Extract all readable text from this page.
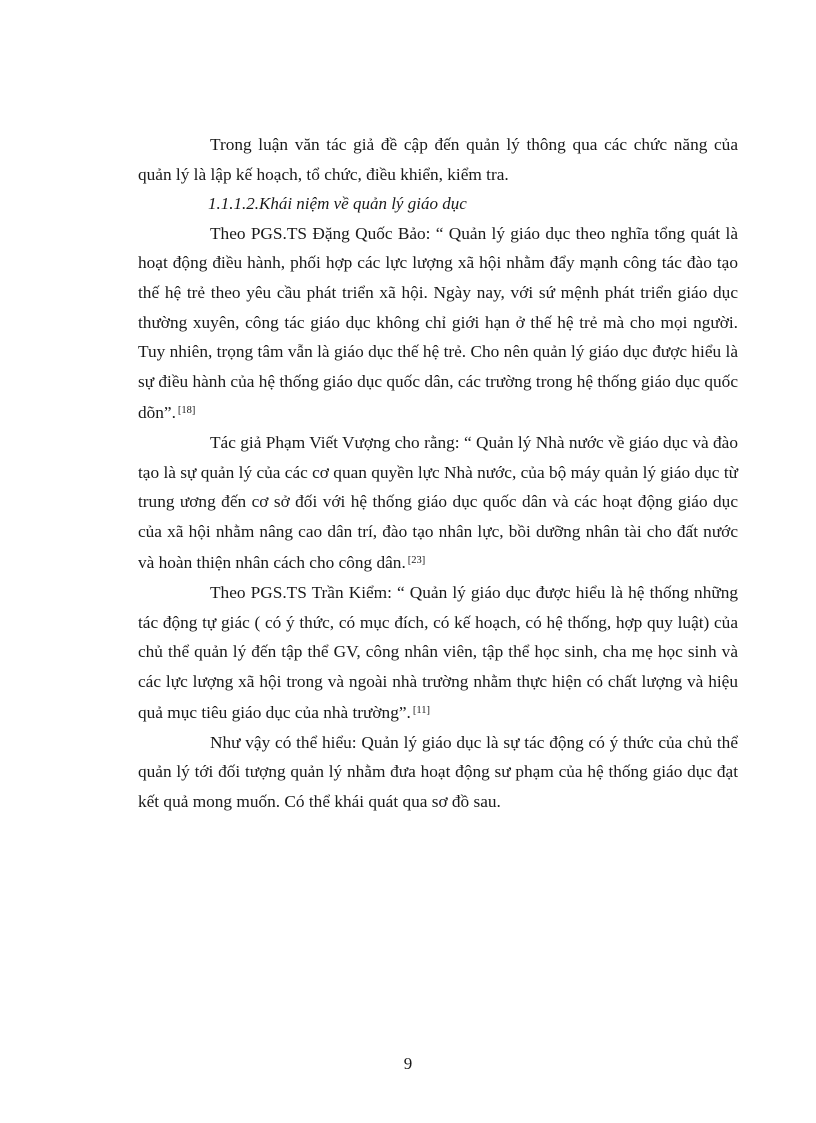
Trong luận văn tác giả đề cập đến quản lý thông qua các chức năng của quản lý là lập kế hoạch, tổ chức, điều khiển, kiểm tra.

1.1.1.2.Khái niệm về quản lý giáo dục

Theo PGS.TS Đặng Quốc Bảo: “ Quản lý giáo dục theo nghĩa tổng quát là hoạt động điều hành, phối hợp các lực lượng xã hội nhằm đẩy mạnh công tác đào tạo thế hệ trẻ theo yêu cầu phát triển xã hội. Ngày nay, với sứ mệnh phát triển giáo dục thường xuyên, công tác giáo dục không chỉ giới hạn ở thế hệ trẻ mà cho mọi người. Tuy nhiên, trọng tâm vẫn là giáo dục thế hệ trẻ. Cho nên quản lý giáo dục được hiểu là sự điều hành của hệ thống giáo dục quốc dân, các trường trong hệ thống giáo dục quốc dõn”. [18]

Tác giả Phạm Viết Vượng cho rằng: “ Quản lý Nhà nước về giáo dục và đào tạo là sự quản lý của các cơ quan quyền lực Nhà nước, của bộ máy quản lý giáo dục từ trung ương đến cơ sở đối với hệ thống giáo dục quốc dân và các hoạt động giáo dục của xã hội nhằm nâng cao dân trí, đào tạo nhân lực, bồi dưỡng nhân tài cho đất nước và hoàn thiện nhân cách cho công dân. [23]

Theo PGS.TS Trần Kiểm: “ Quản lý giáo dục được hiểu là hệ thống những tác động tự giác ( có ý thức, có mục đích, có kế hoạch, có hệ thống, hợp quy luật) của chủ thể quản lý đến tập thể GV, công nhân viên, tập thể học sinh, cha mẹ học sinh và các lực lượng xã hội trong và ngoài nhà trường nhằm thực hiện có chất lượng và hiệu quả mục tiêu giáo dục của nhà trường”. [11]

Như vậy có thể hiểu: Quản lý giáo dục là sự tác động có ý thức của chủ thể quản lý tới đối tượng quản lý nhằm đưa hoạt động sư phạm của hệ thống giáo dục đạt kết quả mong muốn. Có thể khái quát qua sơ đồ sau.

9
